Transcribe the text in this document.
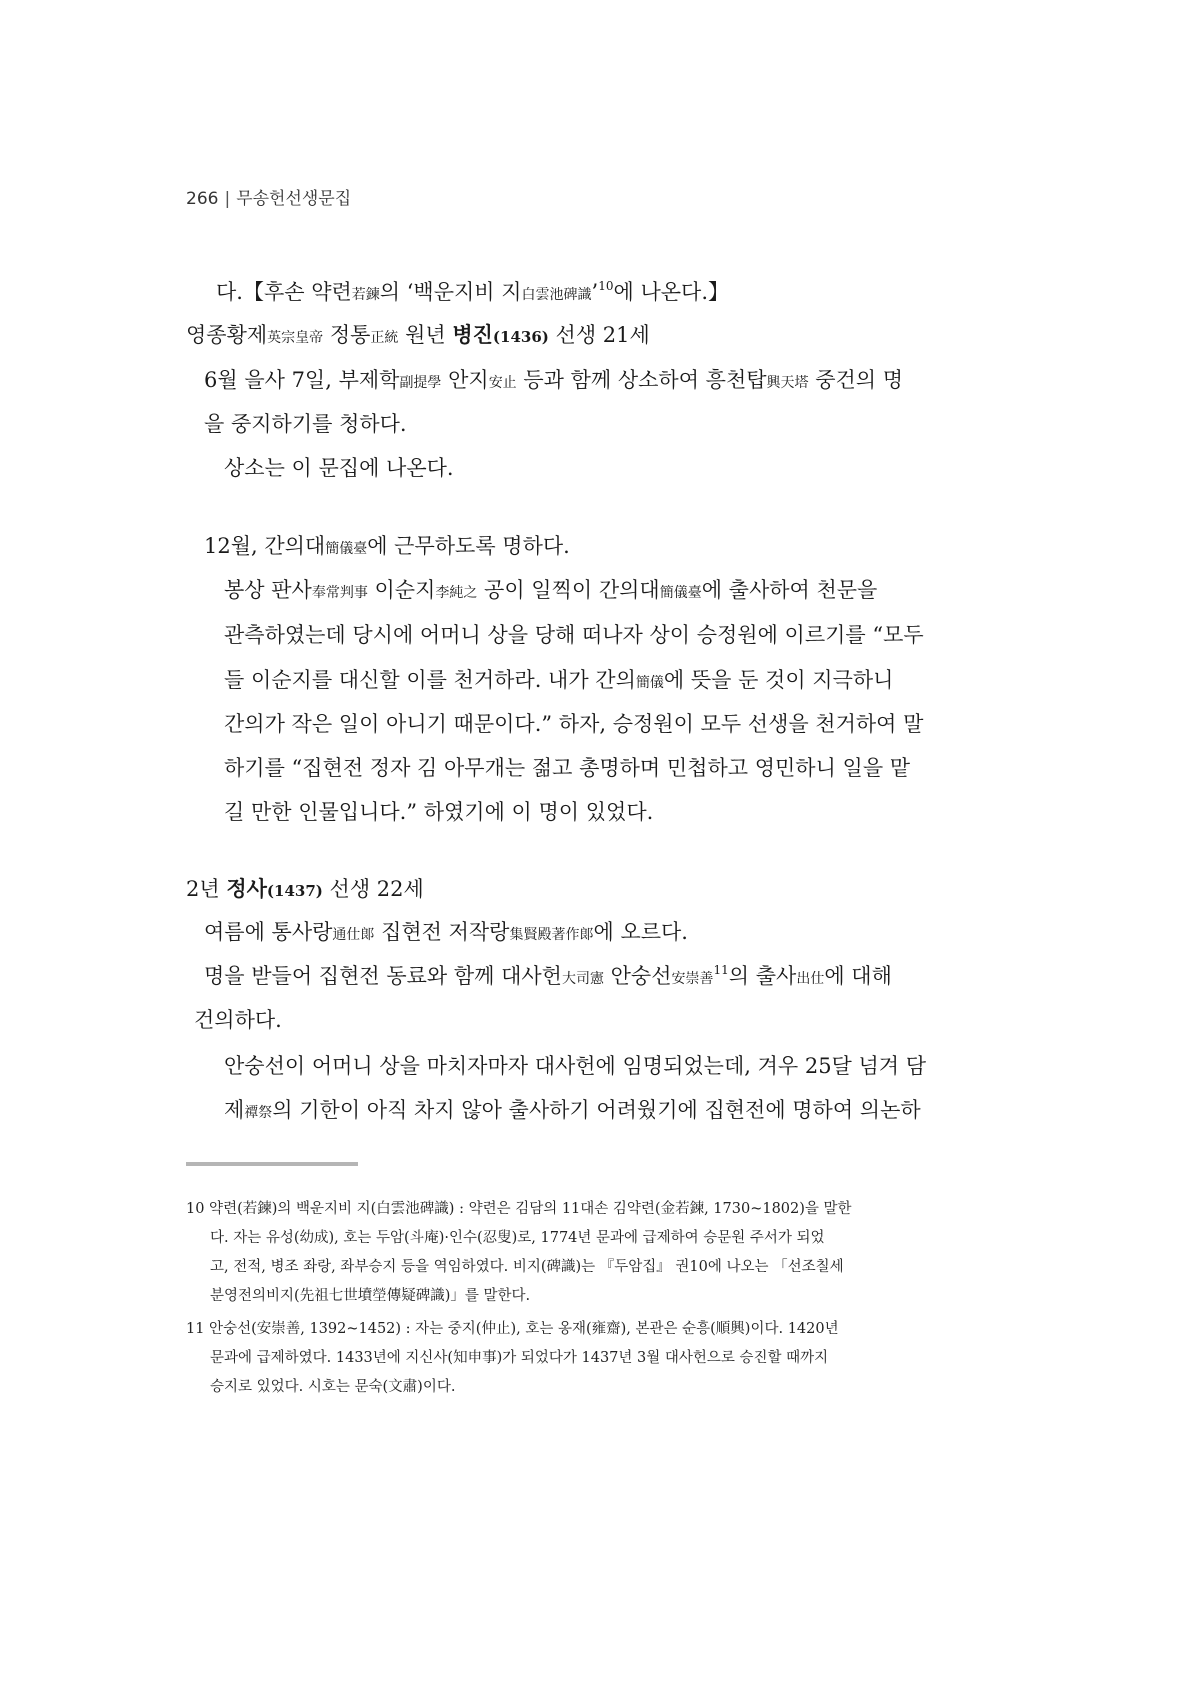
266 | 무송헌선생문집
다.【후손 약련若鍊의 ‘백운지비 지白雲池碑識’$^{10}$에 나온다.】
영종황제英宗皇帝 정통正統 원년 병진(1436) 선생 21세
6월 을사 7일, 부제학副提學 안지安止 등과 함께 상소하여 흥천탑興天塔 중건의 명
을 중지하기를 청하다.
상소는 이 문집에 나온다.
12월, 간의대簡儀臺에 근무하도록 명하다.
봉상 판사奉常判事 이순지李純之 공이 일찍이 간의대簡儀臺에 출사하여 천문을
관측하였는데 당시에 어머니 상을 당해 떠나자 상이 승정원에 이르기를 “모두
들 이순지를 대신할 이를 천거하라. 내가 간의簡儀에 뜻을 둔 것이 지극하니
간의가 작은 일이 아니기 때문이다.” 하자, 승정원이 모두 선생을 천거하여 말
하기를 “집현전 정자 김 아무개는 젊고 총명하며 민첩하고 영민하니 일을 맡
길 만한 인물입니다.” 하였기에 이 명이 있었다.
2년 정사(1437) 선생 22세
여름에 통사랑通仕郞 집현전 저작랑集賢殿著作郞에 오르다.
명을 받들어 집현전 동료와 함께 대사헌大司憲 안숭선安崇善$^{11}$의 출사出仕에 대해
건의하다.
안숭선이 어머니 상을 마치자마자 대사헌에 임명되었는데, 겨우 25달 넘겨 담
제禫祭의 기한이 아직 차지 않아 출사하기 어려웠기에 집현전에 명하여 의논하
10 약련(若鍊)의 백운지비 지(白雲池碑識) : 약련은 김담의 11대손 김약련(金若鍊, 1730~1802)을 말한
다. 자는 유성(幼成), 호는 두암(斗庵)·인수(忍叟)로, 1774년 문과에 급제하여 승문원 주서가 되었
고, 전적, 병조 좌랑, 좌부승지 등을 역임하였다. 비지(碑識)는 『두암집』 권10에 나오는 「선조칠세
분영전의비지(先祖七世墳塋傳疑碑識)」를 말한다.
11 안숭선(安崇善, 1392~1452) : 자는 중지(仲止), 호는 옹재(雍齋), 본관은 순흥(順興)이다. 1420년
문과에 급제하였다. 1433년에 지신사(知申事)가 되었다가 1437년 3월 대사헌으로 승진할 때까지
승지로 있었다. 시호는 문숙(文肅)이다.
